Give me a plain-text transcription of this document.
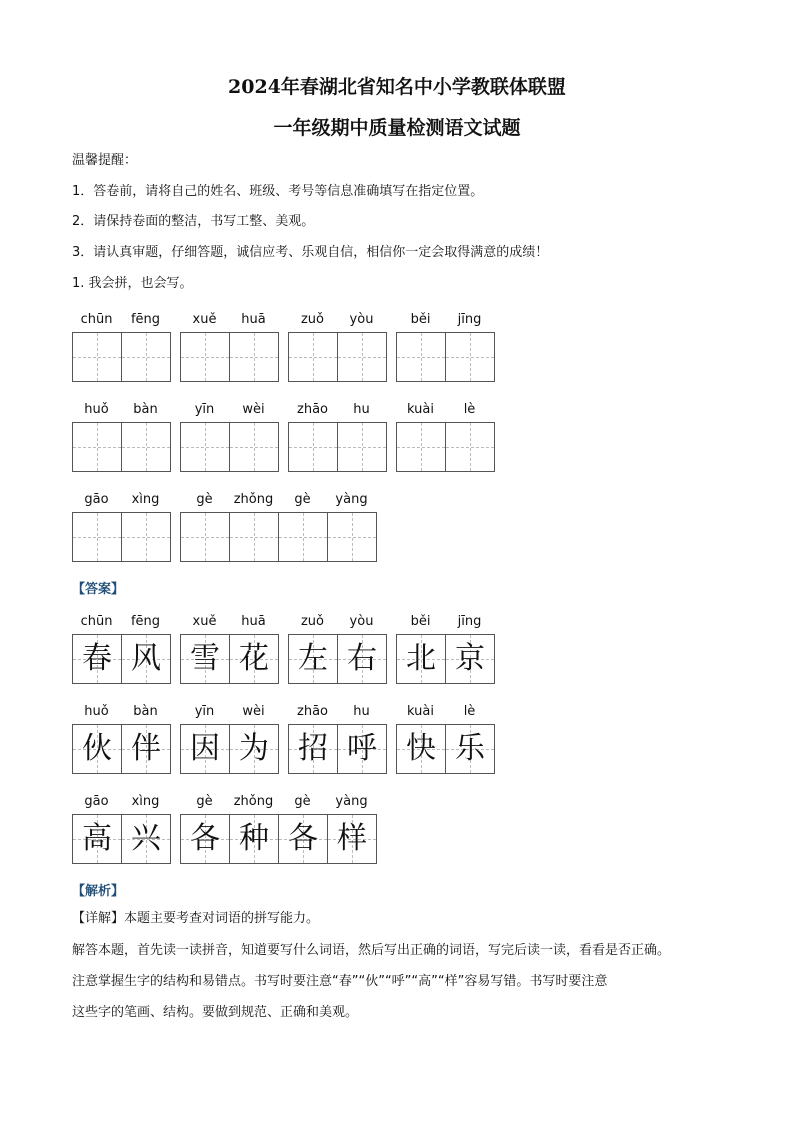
2024年春湖北省知名中小学教联体联盟
一年级期中质量检测语文试题
温馨提醒：
1．答卷前，请将自己的姓名、班级、考号等信息准确填写在指定位置。
2．请保持卷面的整洁，书写工整、美观。
3．请认真审题，仔细答题，诚信应考、乐观自信，相信你一定会取得满意的成绩！
1. 我会拼，也会写。
chūn	fēng	xuě	huā	zuǒ	yòu	běi	jīng
huǒ	bàn	yīn	wèi	zhāo	hu	kuài	lè
gāo	xìng	gè	zhǒng	gè	yàng
【答案】
chūn	fēng
春 风
xuě	huā
雪 花
zuǒ	yòu
左 右
běi	jīng
北 京
huǒ	bàn
伙 伴
yīn	wèi
因 为
zhāo	hu
招 呼
kuài	lè
快 乐
gāo	xìng
高 兴
gè	zhǒng	gè	yàng
各 种 各 样
【解析】
【详解】本题主要考查对词语的拼写能力。
解答本题，首先读一读拼音，知道要写什么词语，然后写出正确的词语，写完后读一读，看看是否正确。
注意掌握生字的结构和易错点。书写时要注意“春”“伙”“呼”“高”“样”容易写错。书写时要注意
这些字的笔画、结构。要做到规范、正确和美观。
